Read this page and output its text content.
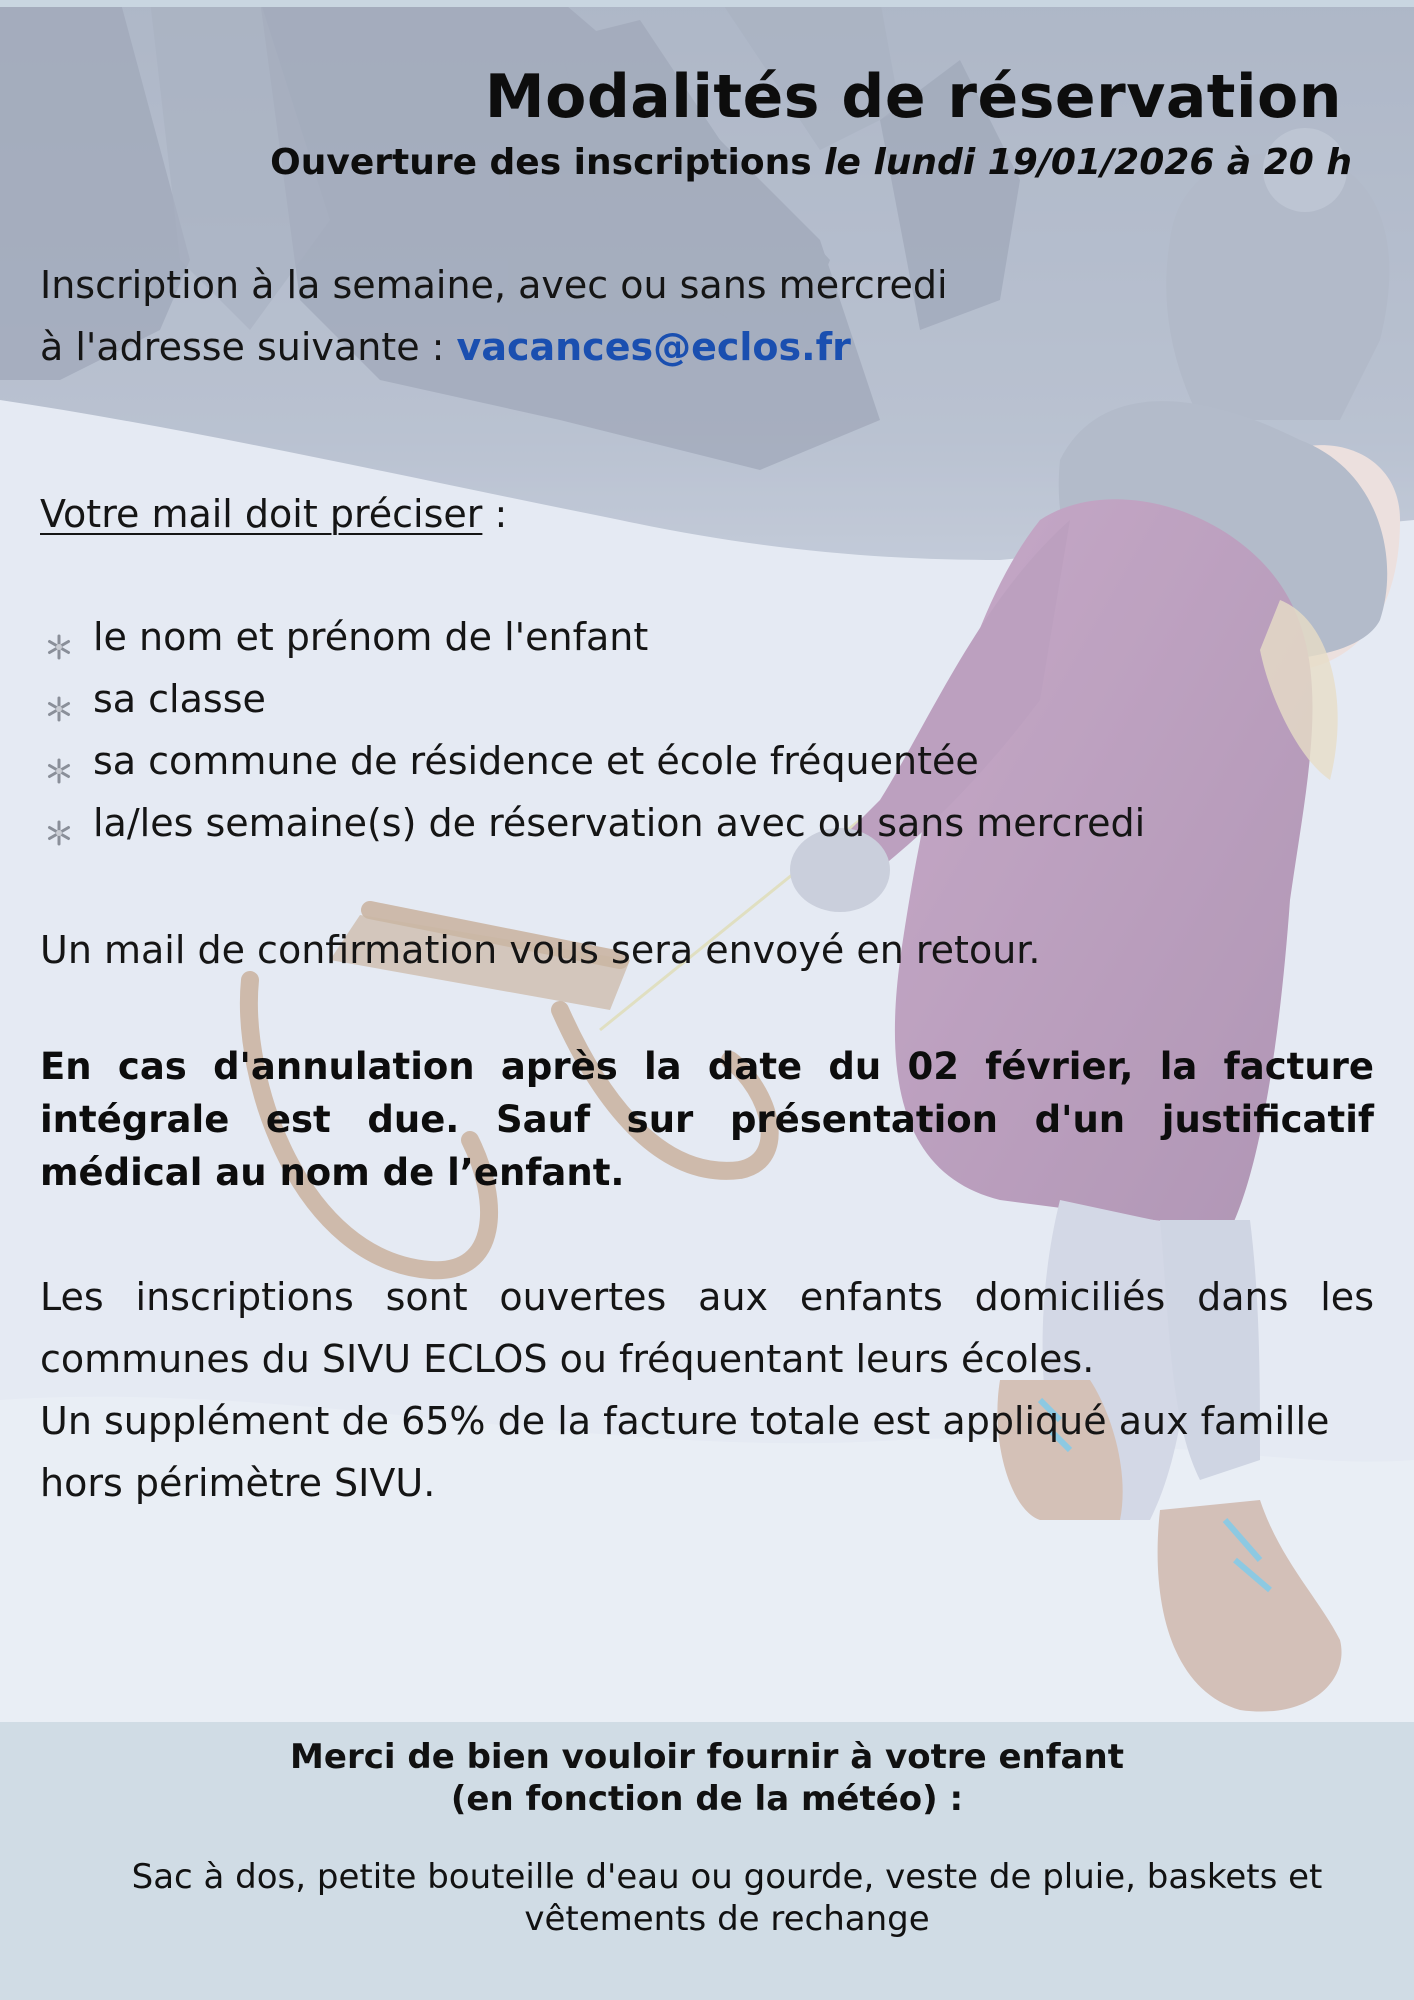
Modalités de réservation
Ouverture des inscriptions le lundi 19/01/2026 à 20 h
Inscription à la semaine, avec ou sans mercredi
à l'adresse suivante : vacances@eclos.fr
Votre mail doit préciser :
le nom et prénom de l'enfant
sa classe
sa commune de résidence et école fréquentée
la/les semaine(s) de réservation avec ou sans mercredi
Un mail de confirmation vous sera envoyé en retour.
En cas d'annulation après la date du 02 février, la facture intégrale est due. Sauf sur présentation d'un justificatif médical au nom de l’enfant.
Les inscriptions sont ouvertes aux enfants domiciliés dans les communes du SIVU ECLOS ou fréquentant leurs écoles.
Un supplément de 65% de la facture totale est appliqué aux famille hors périmètre SIVU.
Merci de bien vouloir fournir à votre enfant
(en fonction de la météo) :
Sac à dos, petite bouteille d'eau ou gourde, veste de pluie, baskets et vêtements de rechange
